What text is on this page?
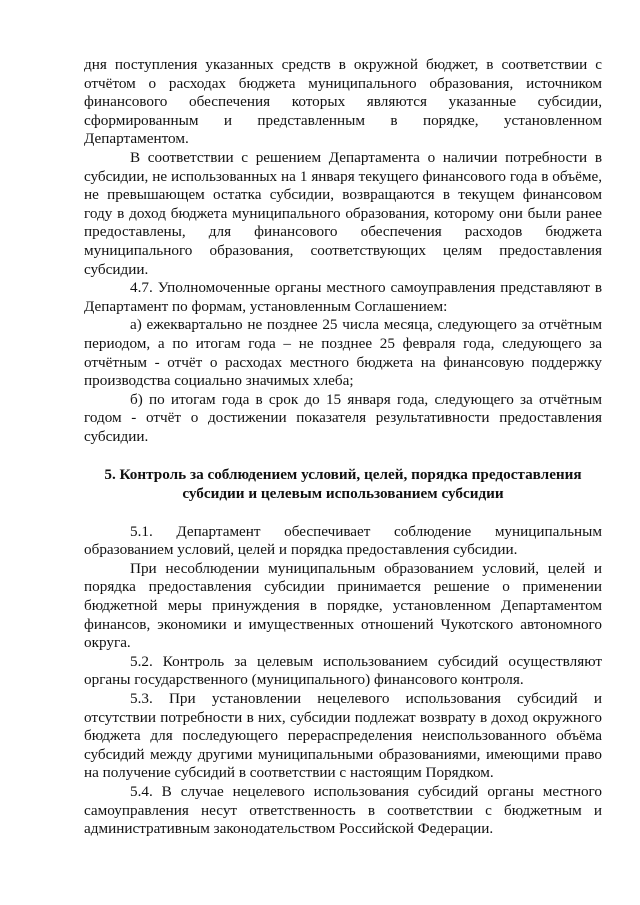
дня поступления указанных средств в окружной бюджет, в соответствии с отчётом о расходах бюджета муниципального образования, источником финансового обеспечения которых являются указанные субсидии, сформированным и представленным в порядке, установленном Департаментом.

В соответствии с решением Департамента о наличии потребности в субсидии, не использованных на 1 января текущего финансового года в объёме, не превышающем остатка субсидии, возвращаются в текущем финансовом году в доход бюджета муниципального образования, которому они были ранее предоставлены, для финансового обеспечения расходов бюджета муниципального образования, соответствующих целям предоставления субсидии.

4.7. Уполномоченные органы местного самоуправления представляют в Департамент по формам, установленным Соглашением:

а) ежеквартально не позднее 25 числа месяца, следующего за отчётным периодом, а по итогам года – не позднее 25 февраля года, следующего за отчётным - отчёт о расходах местного бюджета на финансовую поддержку производства социально значимых хлеба;

б) по итогам года в срок до 15 января года, следующего за отчётным годом - отчёт о достижении показателя результативности предоставления субсидии.

5. Контроль за соблюдением условий, целей, порядка предоставления субсидии и целевым использованием субсидии

5.1. Департамент обеспечивает соблюдение муниципальным образованием условий, целей и порядка предоставления субсидии.

При несоблюдении муниципальным образованием условий, целей и порядка предоставления субсидии принимается решение о применении бюджетной меры принуждения в порядке, установленном Департаментом финансов, экономики и имущественных отношений Чукотского автономного округа.

5.2. Контроль за целевым использованием субсидий осуществляют органы государственного (муниципального) финансового контроля.

5.3. При установлении нецелевого использования субсидий и отсутствии потребности в них, субсидии подлежат возврату в доход окружного бюджета для последующего перераспределения неиспользованного объёма субсидий между другими муниципальными образованиями, имеющими право на получение субсидий в соответствии с настоящим Порядком.

5.4. В случае нецелевого использования субсидий органы местного самоуправления несут ответственность в соответствии с бюджетным и административным законодательством Российской Федерации.
